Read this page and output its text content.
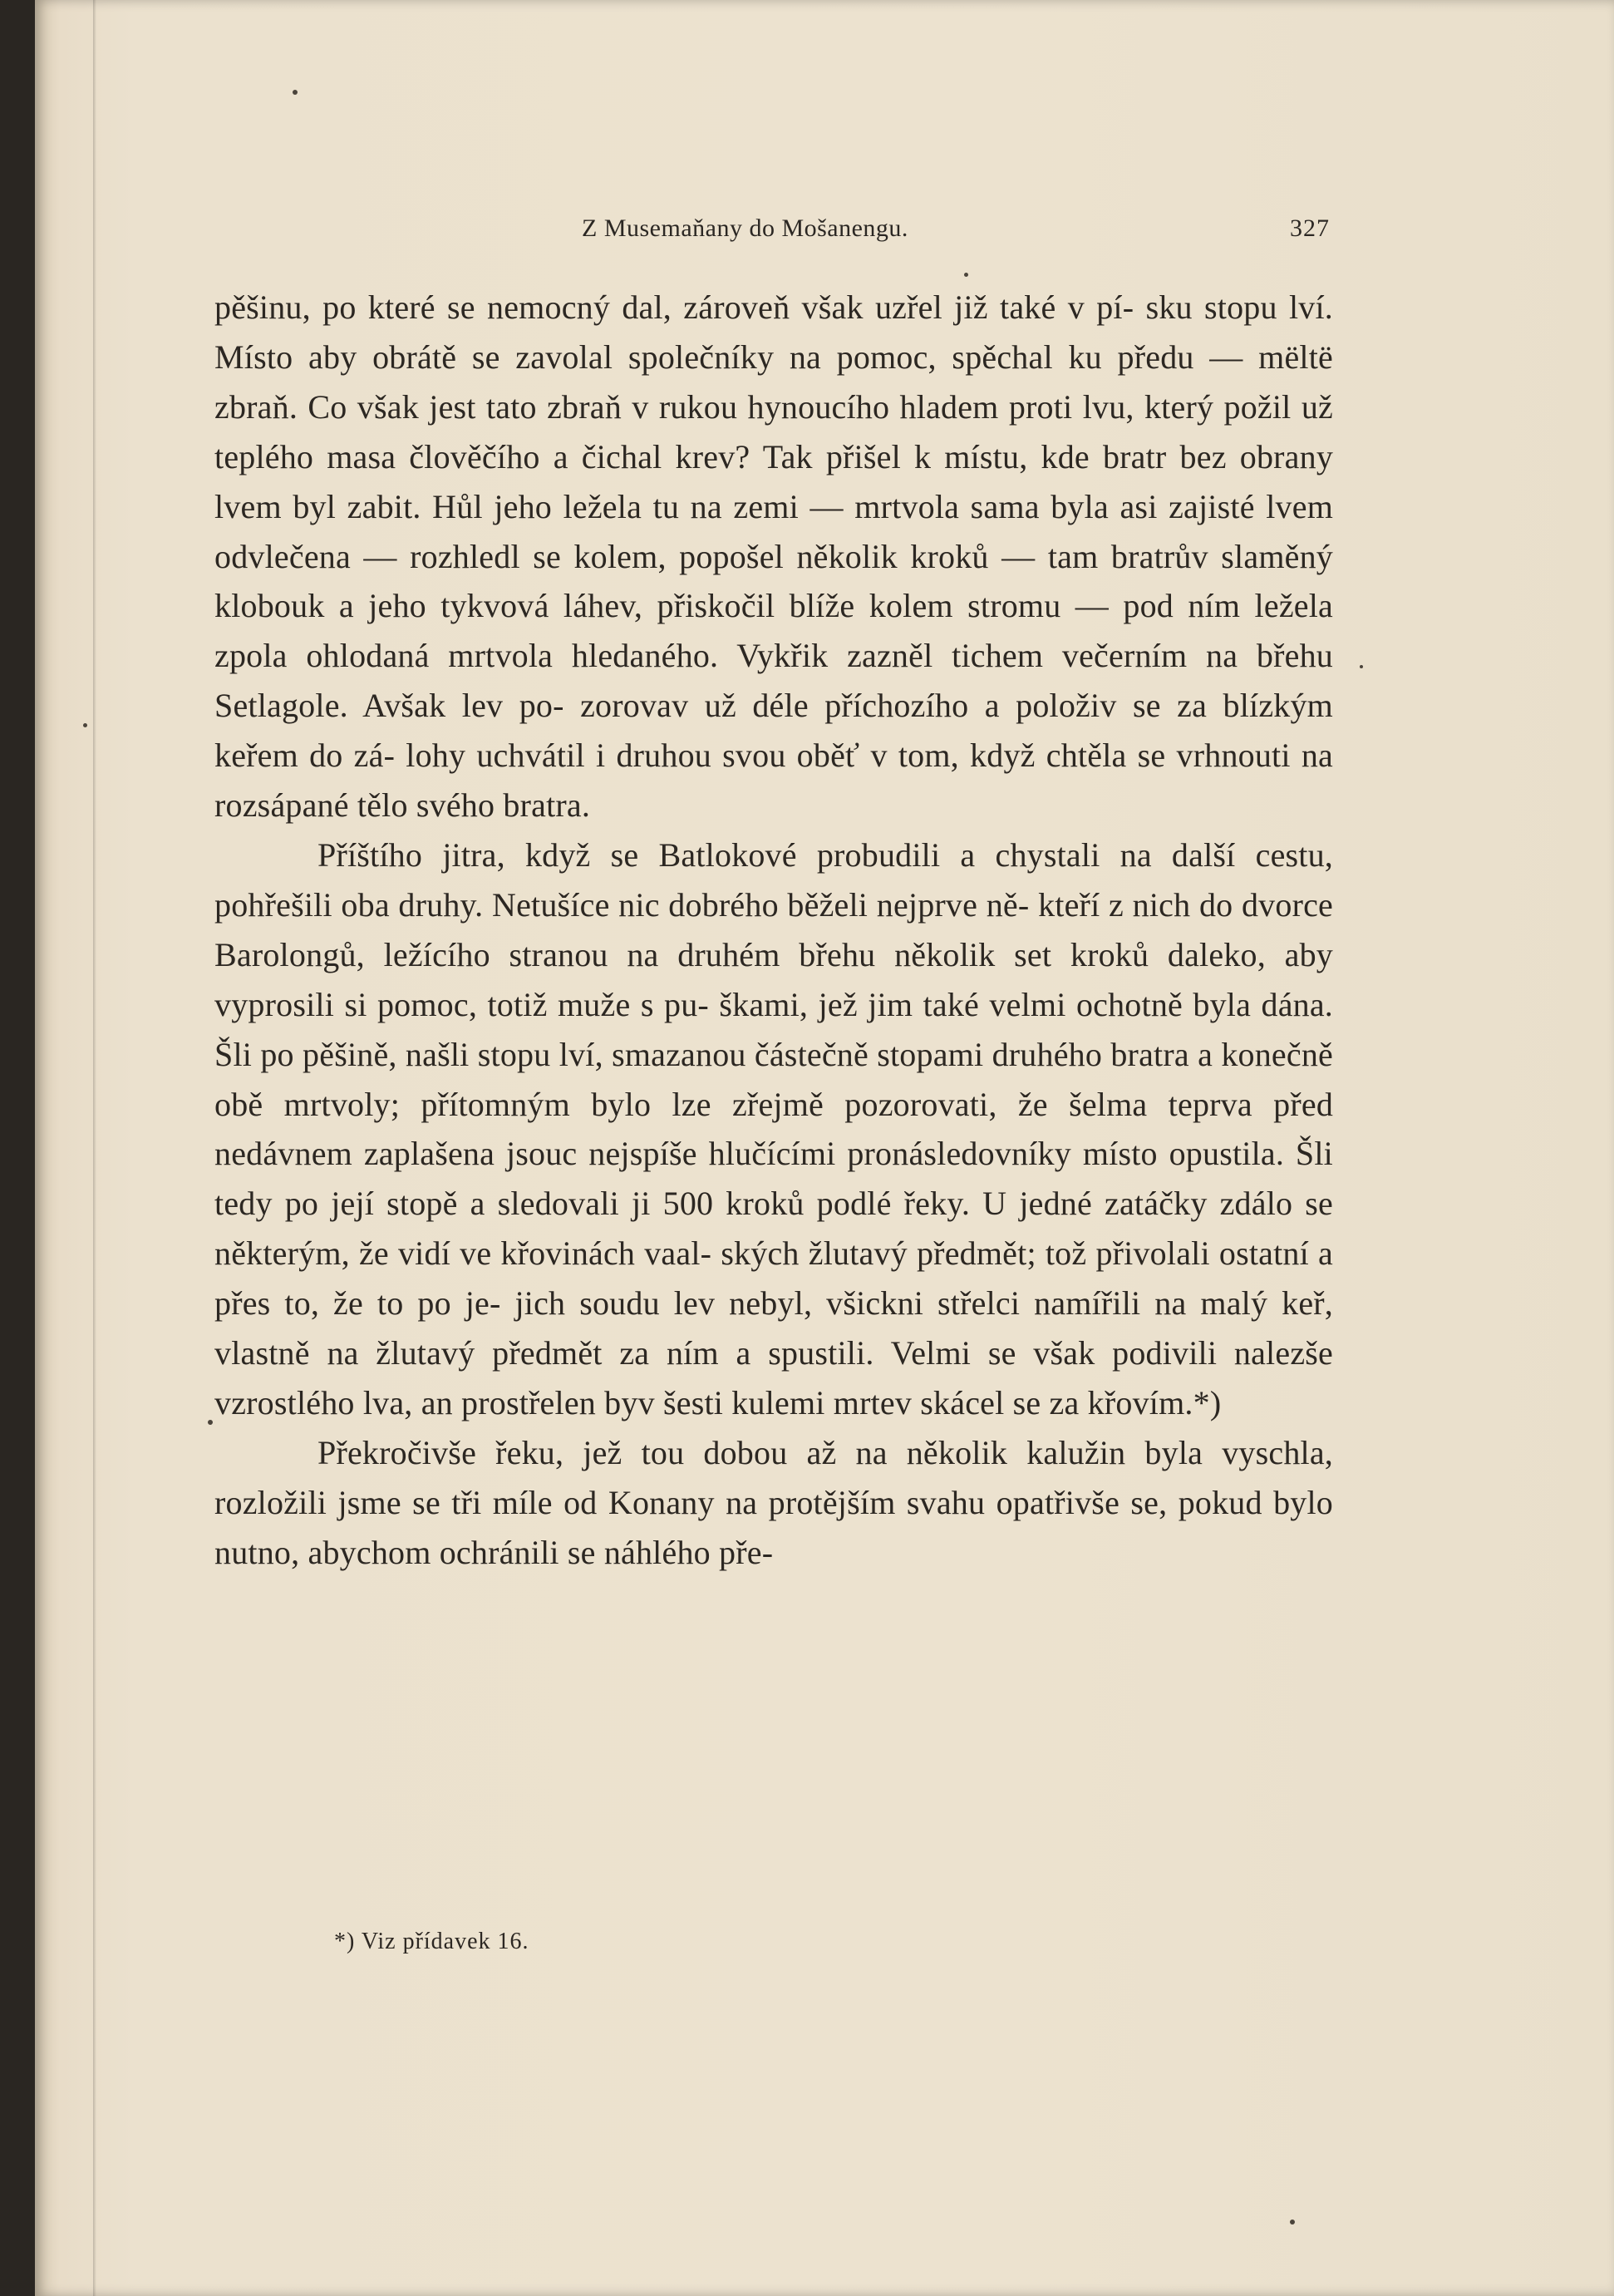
Z Musemaňany do Mošanengu.	327

pěšinu, po které se nemocný dal, zároveň však uzřel již také v pí- sku stopu lví. Místo aby obrátě se zavolal společníky na pomoc, spěchal ku předu — mëltë zbraň. Co však jest tato zbraň v rukou hynoucího hladem proti lvu, který požil už teplého masa člověčího a čichal krev? Tak přišel k místu, kde bratr bez obrany lvem byl zabit. Hůl jeho ležela tu na zemi — mrtvola sama byla asi zajisté lvem odvlečena — rozhledl se kolem, popošel několik kroků — tam bratrův slaměný klobouk a jeho tykvová láhev, přiskočil blíže kolem stromu — pod ním ležela zpola ohlodaná mrtvola hledaného. Vykřik zazněl tichem večerním na břehu Setlagole. Avšak lev po- zorovav už déle příchozího a položiv se za blízkým keřem do zá- lohy uchvátil i druhou svou oběť v tom, když chtěla se vrhnouti na rozsápané tělo svého bratra.

Příštího jitra, když se Batlokové probudili a chystali na další cestu, pohřešili oba druhy. Netušíce nic dobrého běželi nejprve ně- kteří z nich do dvorce Barolongů, ležícího stranou na druhém břehu několik set kroků daleko, aby vyprosili si pomoc, totiž muže s pu- škami, jež jim také velmi ochotně byla dána. Šli po pěšině, našli stopu lví, smazanou částečně stopami druhého bratra a konečně obě mrtvoly; přítomným bylo lze zřejmě pozorovati, že šelma teprva před nedávnem zaplašena jsouc nejspíše hlučícími pronásledovníky místo opustila. Šli tedy po její stopě a sledovali ji 500 kroků podlé řeky. U jedné zatáčky zdálo se některým, že vidí ve křovinách vaal- ských žlutavý předmět; tož přivolali ostatní a přes to, že to po je- jich soudu lev nebyl, všickni střelci namířili na malý keř, vlastně na žlutavý předmět za ním a spustili. Velmi se však podivili nalezše vzrostlého lva, an prostřelen byv šesti kulemi mrtev skácel se za křovím.*)

Překročivše řeku, jež tou dobou až na několik kalužin byla vyschla, rozložili jsme se tři míle od Konany na protějším svahu opatřivše se, pokud bylo nutno, abychom ochránili se náhlého pře-

*) Viz přídavek 16.
